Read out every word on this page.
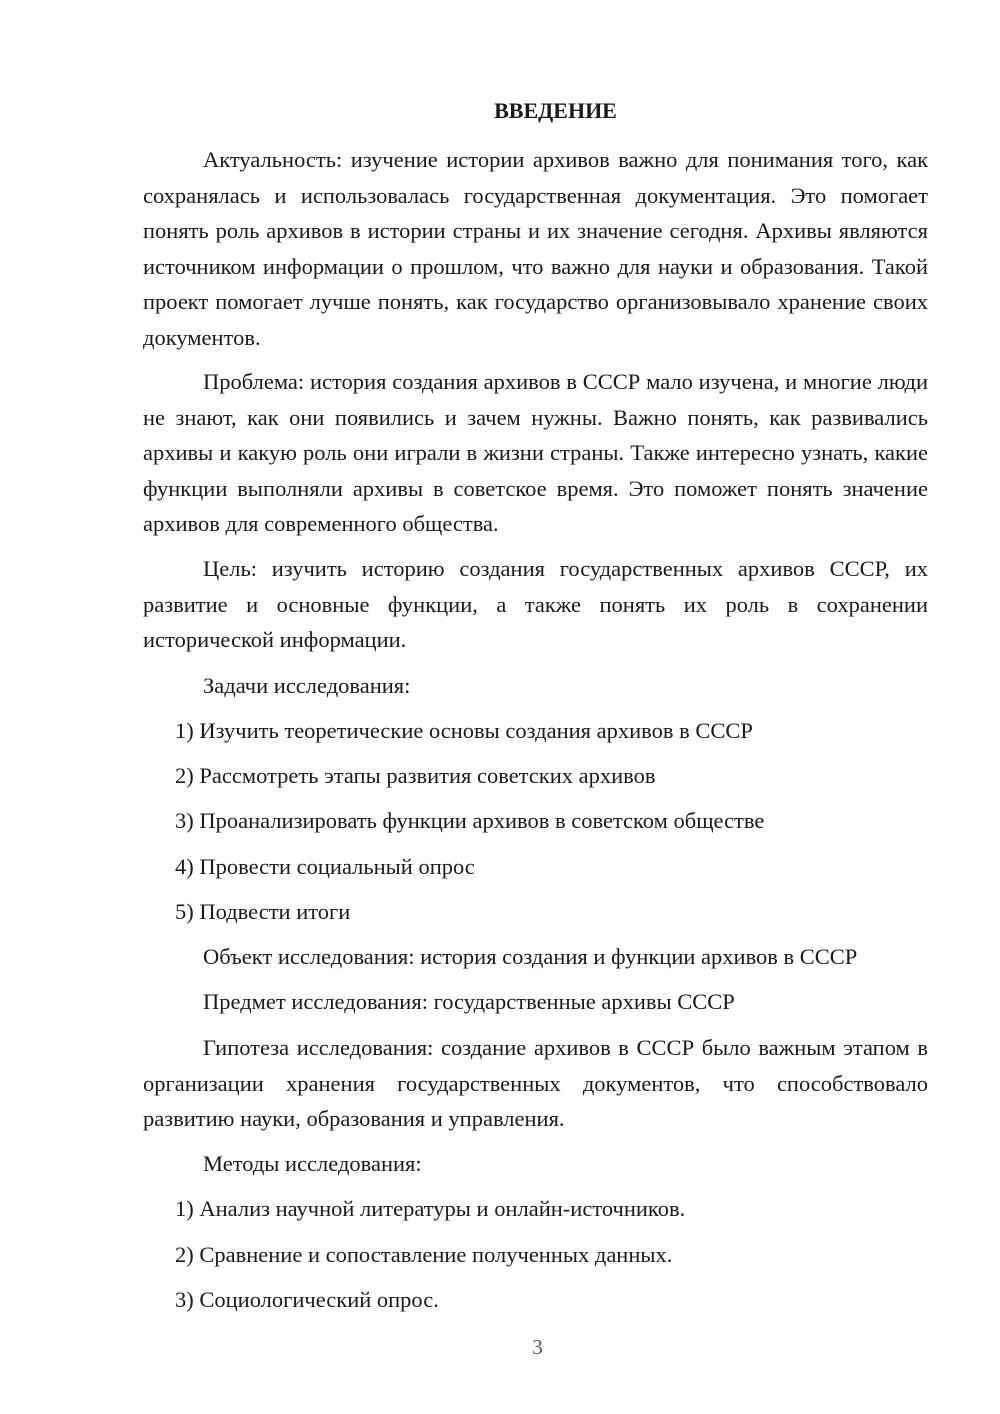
ВВЕДЕНИЕ

Актуальность: изучение истории архивов важно для понимания того, как сохранялась и использовалась государственная документация. Это помогает понять роль архивов в истории страны и их значение сегодня. Архивы являются источником информации о прошлом, что важно для науки и образования. Такой проект помогает лучше понять, как государство организовывало хранение своих документов.

Проблема: история создания архивов в СССР мало изучена, и многие люди не знают, как они появились и зачем нужны. Важно понять, как развивались архивы и какую роль они играли в жизни страны. Также интересно узнать, какие функции выполняли архивы в советское время. Это поможет понять значение архивов для современного общества.

Цель: изучить историю создания государственных архивов СССР, их развитие и основные функции, а также понять их роль в сохранении исторической информации.

Задачи исследования:

1) Изучить теоретические основы создания архивов в СССР

2) Рассмотреть этапы развития советских архивов

3) Проанализировать функции архивов в советском обществе

4) Провести социальный опрос

5) Подвести итоги

Объект исследования: история создания и функции архивов в СССР

Предмет исследования: государственные архивы СССР

Гипотеза исследования: создание архивов в СССР было важным этапом в организации хранения государственных документов, что способствовало развитию науки, образования и управления.

Методы исследования:

1) Анализ научной литературы и онлайн-источников.

2) Сравнение и сопоставление полученных данных.

3) Социологический опрос.

3
